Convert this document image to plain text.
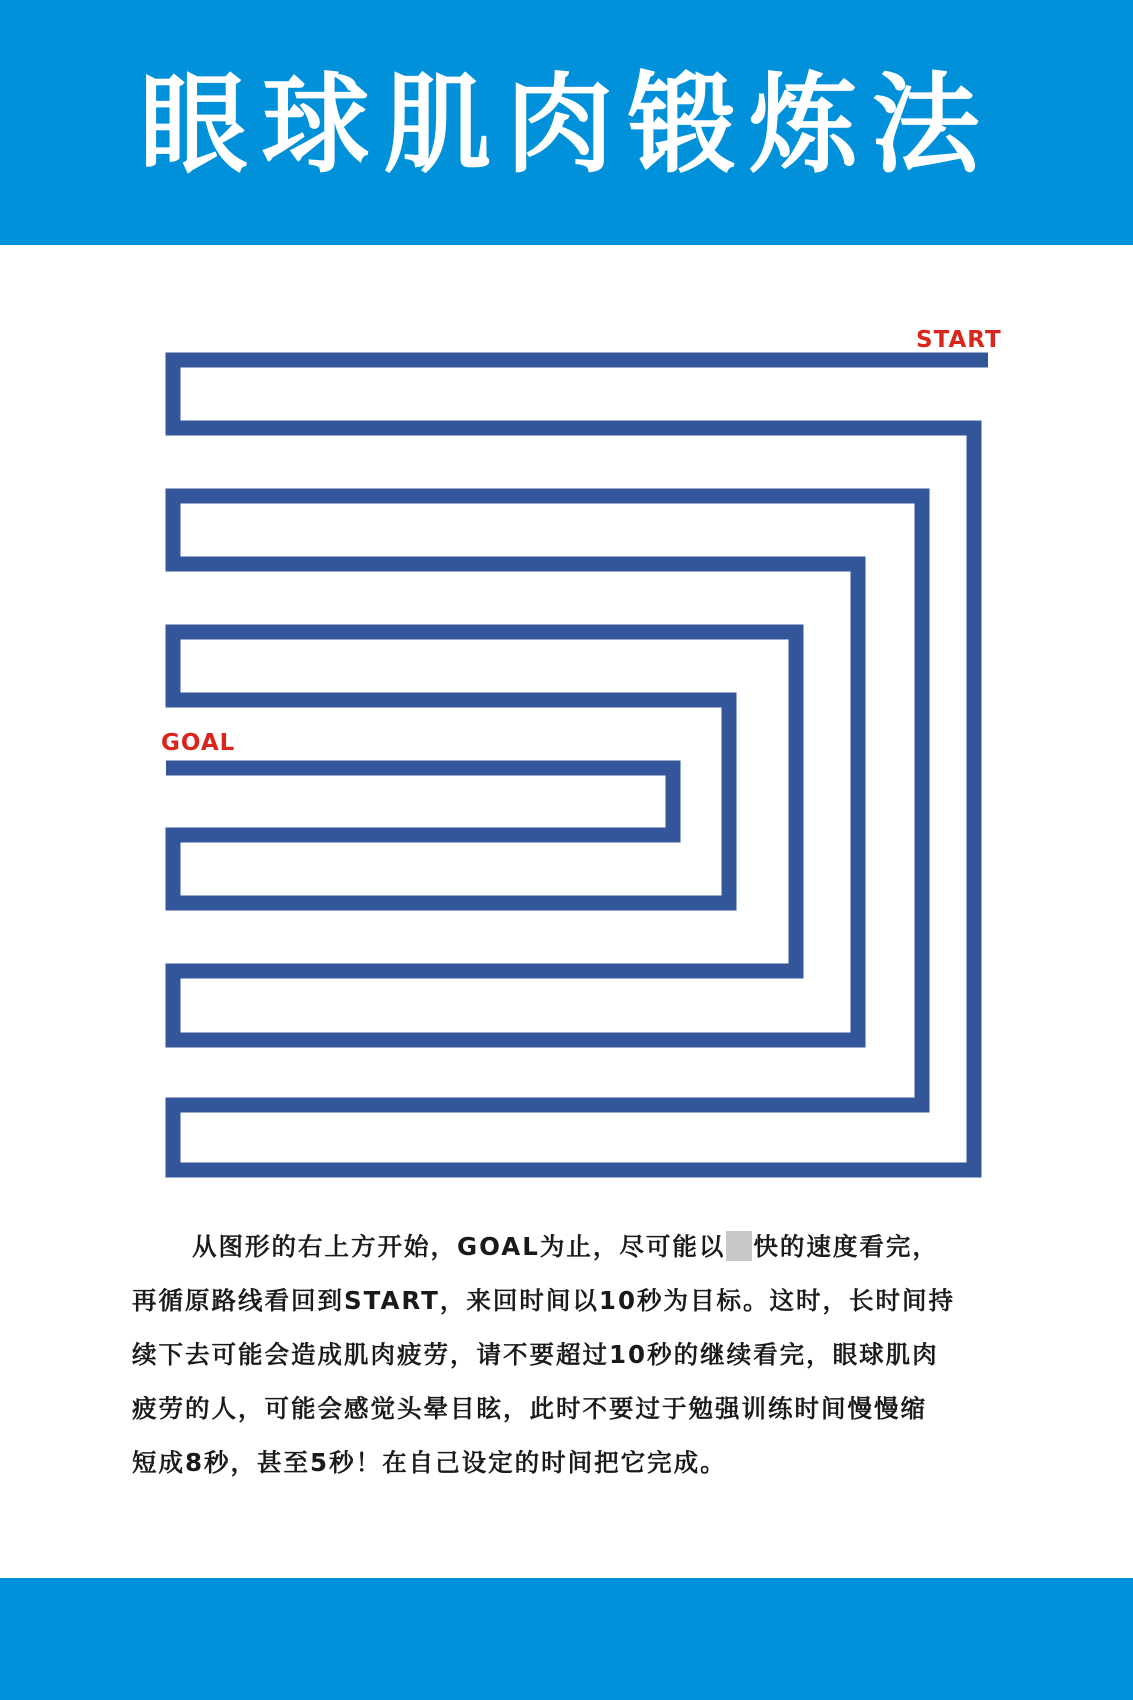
眼球肌肉锻炼法
START
GOAL

从图形的右上方开始，GOAL为止，尽可能以 快的速度看完，

再循原路线看回到START，来回时间以10秒为目标。这时，长时间持

续下去可能会造成肌肉疲劳，请不要超过10秒的继续看完，眼球肌肉

疲劳的人，可能会感觉头晕目眩，此时不要过于勉强训练时间慢慢缩

短成8秒，甚至5秒！在自己设定的时间把它完成。
